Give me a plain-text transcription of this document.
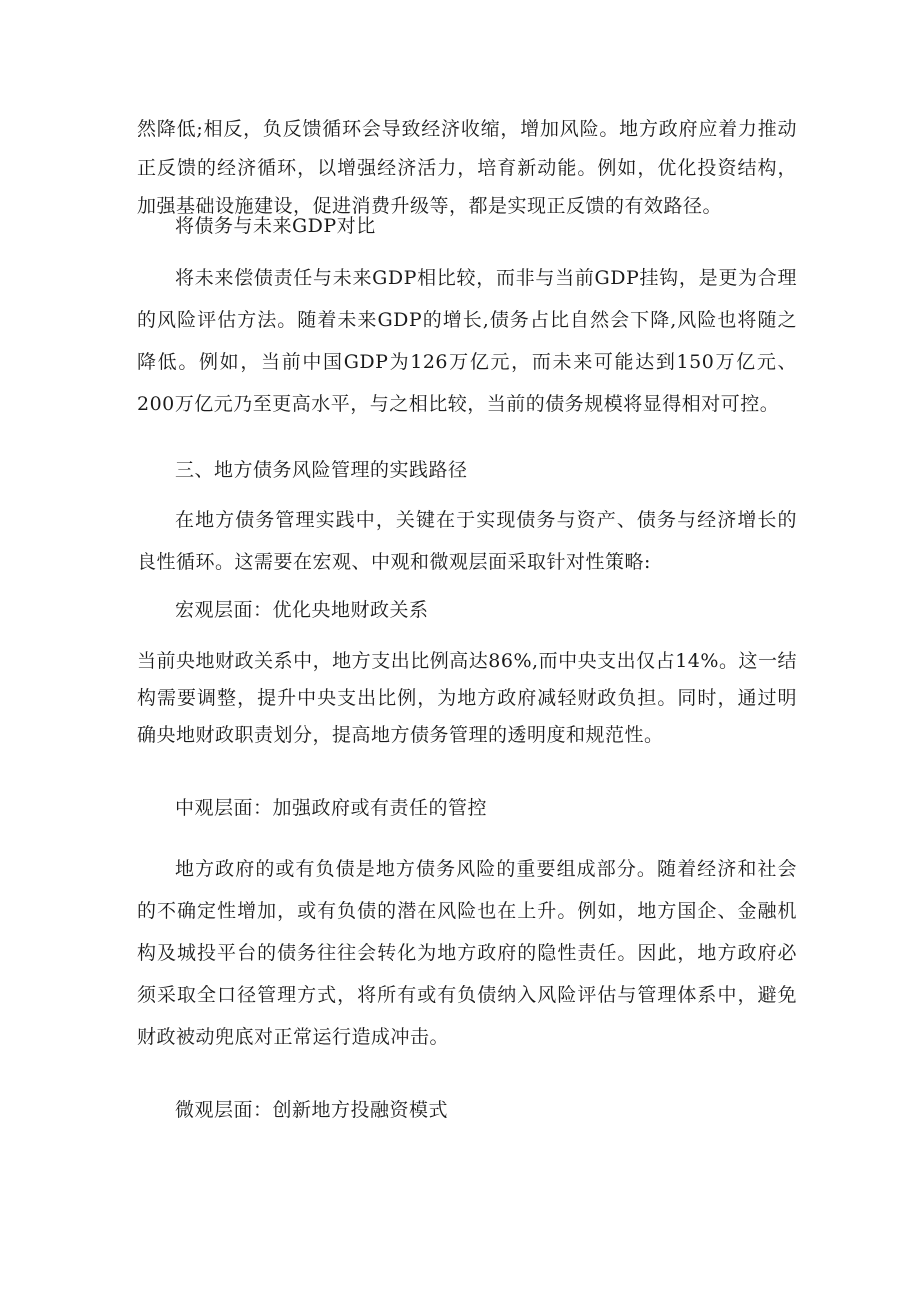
然降低;相反，负反馈循环会导致经济收缩，增加风险。地方政府应着力推动正反馈的经济循环，以增强经济活力，培育新动能。例如，优化投资结构，加强基础设施建设，促进消费升级等，都是实现正反馈的有效路径。

将债务与未来GDP对比

将未来偿债责任与未来GDP相比较，而非与当前GDP挂钩，是更为合理的风险评估方法。随着未来GDP的增长,债务占比自然会下降,风险也将随之降低。例如，当前中国GDP为126万亿元，而未来可能达到150万亿元、200万亿元乃至更高水平，与之相比较，当前的债务规模将显得相对可控。

三、地方债务风险管理的实践路径

在地方债务管理实践中，关键在于实现债务与资产、债务与经济增长的良性循环。这需要在宏观、中观和微观层面采取针对性策略:

宏观层面：优化央地财政关系

当前央地财政关系中，地方支出比例高达86%,而中央支出仅占14%。这一结构需要调整，提升中央支出比例，为地方政府减轻财政负担。同时，通过明确央地财政职责划分，提高地方债务管理的透明度和规范性。

中观层面：加强政府或有责任的管控

地方政府的或有负债是地方债务风险的重要组成部分。随着经济和社会的不确定性增加，或有负债的潜在风险也在上升。例如，地方国企、金融机构及城投平台的债务往往会转化为地方政府的隐性责任。因此，地方政府必须采取全口径管理方式，将所有或有负债纳入风险评估与管理体系中，避免财政被动兜底对正常运行造成冲击。

微观层面：创新地方投融资模式
